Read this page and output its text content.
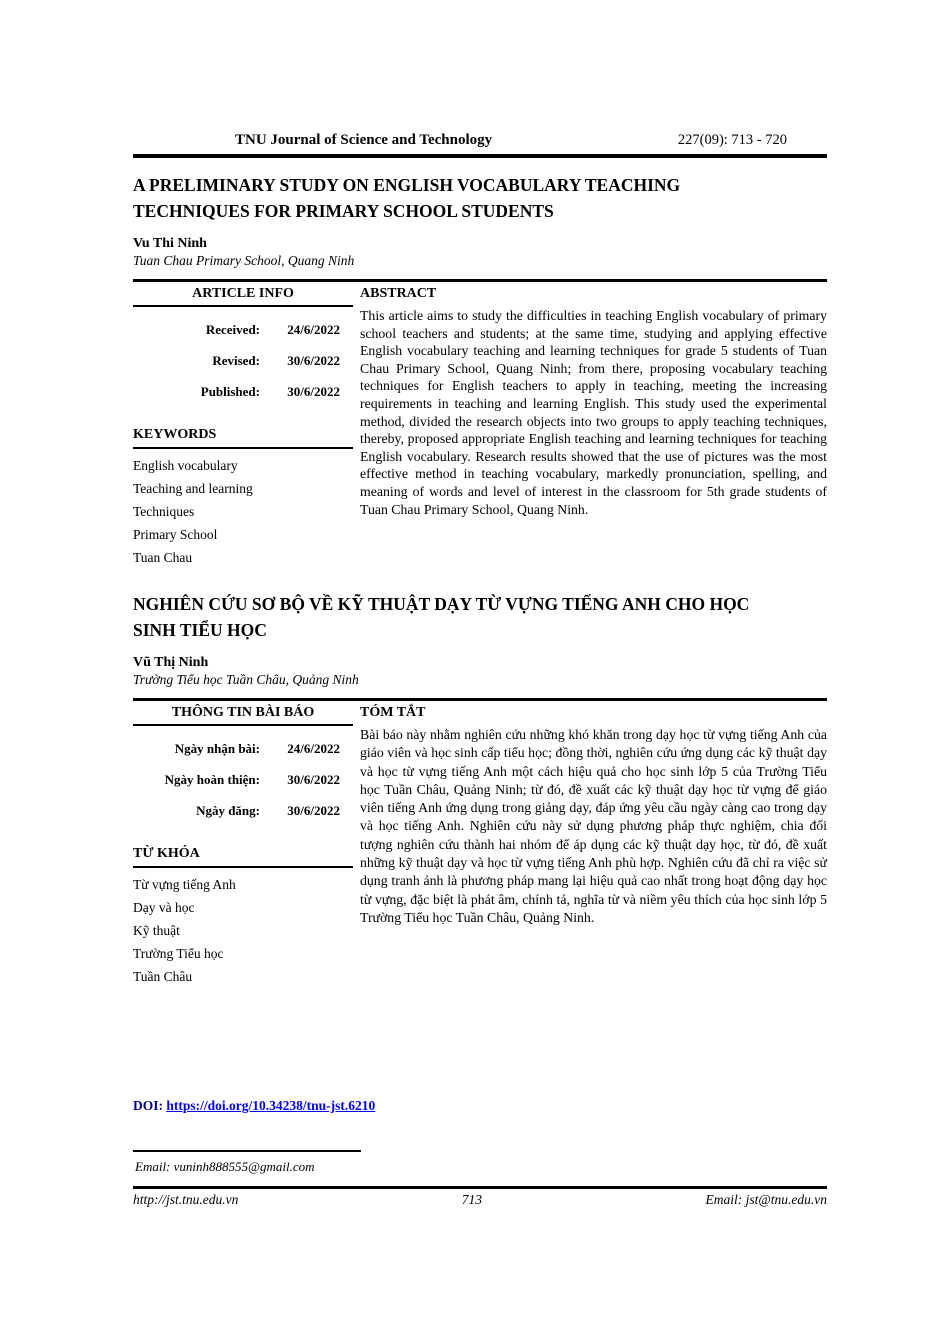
TNU Journal of Science and Technology	227(09): 713 - 720
A PRELIMINARY STUDY ON ENGLISH VOCABULARY TEACHING TECHNIQUES FOR PRIMARY SCHOOL STUDENTS
Vu Thi Ninh
Tuan Chau Primary School, Quang Ninh
ARTICLE INFO
Received:	24/6/2022
Revised:	30/6/2022
Published:	30/6/2022
KEYWORDS
English vocabulary
Teaching and learning
Techniques
Primary School
Tuan Chau
ABSTRACT
This article aims to study the difficulties in teaching English vocabulary of primary school teachers and students; at the same time, studying and applying effective English vocabulary teaching and learning techniques for grade 5 students of Tuan Chau Primary School, Quang Ninh; from there, proposing vocabulary teaching techniques for English teachers to apply in teaching, meeting the increasing requirements in teaching and learning English. This study used the experimental method, divided the research objects into two groups to apply teaching techniques, thereby, proposed appropriate English teaching and learning techniques for teaching English vocabulary. Research results showed that the use of pictures was the most effective method in teaching vocabulary, markedly pronunciation, spelling, and meaning of words and level of interest in the classroom for 5th grade students of Tuan Chau Primary School, Quang Ninh.
NGHIÊN CỨU SƠ BỘ VỀ KỸ THUẬT DẠY TỪ VỰNG TIẾNG ANH CHO HỌC SINH TIỂU HỌC
Vũ Thị Ninh
Trường Tiểu học Tuần Châu, Quảng Ninh
THÔNG TIN BÀI BÁO
Ngày nhận bài:	24/6/2022
Ngày hoàn thiện:	30/6/2022
Ngày đăng:	30/6/2022
TỪ KHÓA
Từ vựng tiếng Anh
Dạy và học
Kỹ thuật
Trường Tiểu học
Tuần Châu
TÓM TẮT
Bài báo này nhằm nghiên cứu những khó khăn trong dạy học từ vựng tiếng Anh của giáo viên và học sinh cấp tiểu học; đồng thời, nghiên cứu ứng dụng các kỹ thuật dạy và học từ vựng tiếng Anh một cách hiệu quả cho học sinh lớp 5 của Trường Tiểu học Tuần Châu, Quảng Ninh; từ đó, đề xuất các kỹ thuật dạy học từ vựng để giáo viên tiếng Anh ứng dụng trong giảng dạy, đáp ứng yêu cầu ngày càng cao trong dạy và học tiếng Anh. Nghiên cứu này sử dụng phương pháp thực nghiệm, chia đối tượng nghiên cứu thành hai nhóm để áp dụng các kỹ thuật dạy học, từ đó, đề xuất những kỹ thuật dạy và học từ vựng tiếng Anh phù hợp. Nghiên cứu đã chỉ ra việc sử dụng tranh ảnh là phương pháp mang lại hiệu quả cao nhất trong hoạt động dạy học từ vựng, đặc biệt là phát âm, chính tả, nghĩa từ và niềm yêu thích của học sinh lớp 5 Trường Tiểu học Tuần Châu, Quảng Ninh.
DOI: https://doi.org/10.34238/tnu-jst.6210
Email: vuninh888555@gmail.com
http://jst.tnu.edu.vn	713	Email: jst@tnu.edu.vn
